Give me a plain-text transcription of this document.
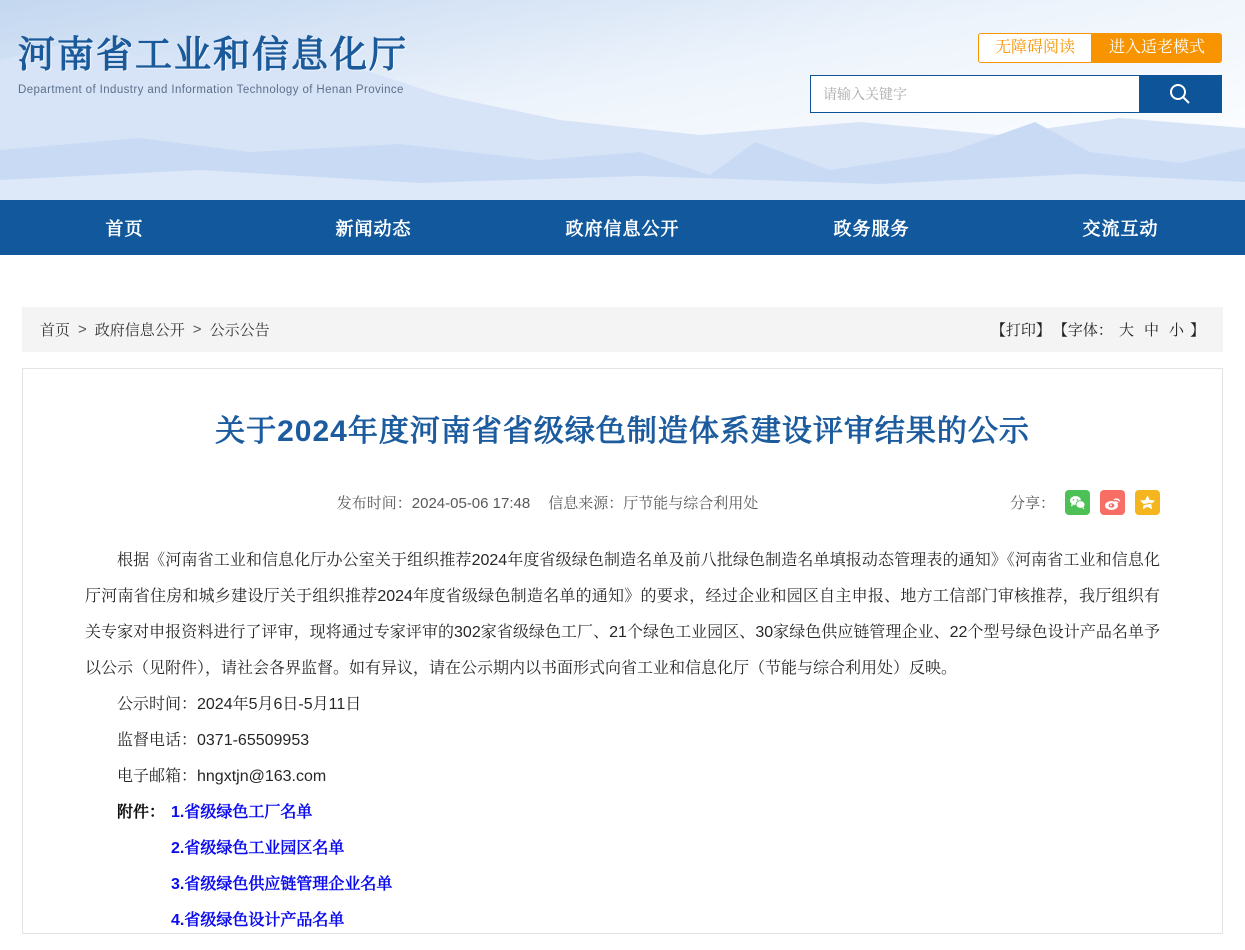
河南省工业和信息化厅
Department of Industry and Information Technology of Henan Province
无障碍阅读	进入适老模式
请输入关键字
首页	新闻动态	政府信息公开	政务服务	交流互动
首页 > 政府信息公开 > 公示公告	【打印】 【字体： 大 中 小 】
关于2024年度河南省省级绿色制造体系建设评审结果的公示
发布时间：2024-05-06 17:48 信息来源：厅节能与综合利用处	分享：

根据《河南省工业和信息化厅办公室关于组织推荐2024年度省级绿色制造名单及前八批绿色制造名单填报动态管理表的通知》《河南省工业和信息化厅河南省住房和城乡建设厅关于组织推荐2024年度省级绿色制造名单的通知》的要求，经过企业和园区自主申报、地方工信部门审核推荐，我厅组织有关专家对申报资料进行了评审，现将通过专家评审的302家省级绿色工厂、21个绿色工业园区、30家绿色供应链管理企业、22个型号绿色设计产品名单予以公示（见附件），请社会各界监督。如有异议，请在公示期内以书面形式向省工业和信息化厅（节能与综合利用处）反映。

公示时间：2024年5月6日-5月11日

监督电话：0371-65509953

电子邮箱：hngxtjn@163.com

附件： 1.省级绿色工厂名单
2.省级绿色工业园区名单
3.省级绿色供应链管理企业名单
4.省级绿色设计产品名单
